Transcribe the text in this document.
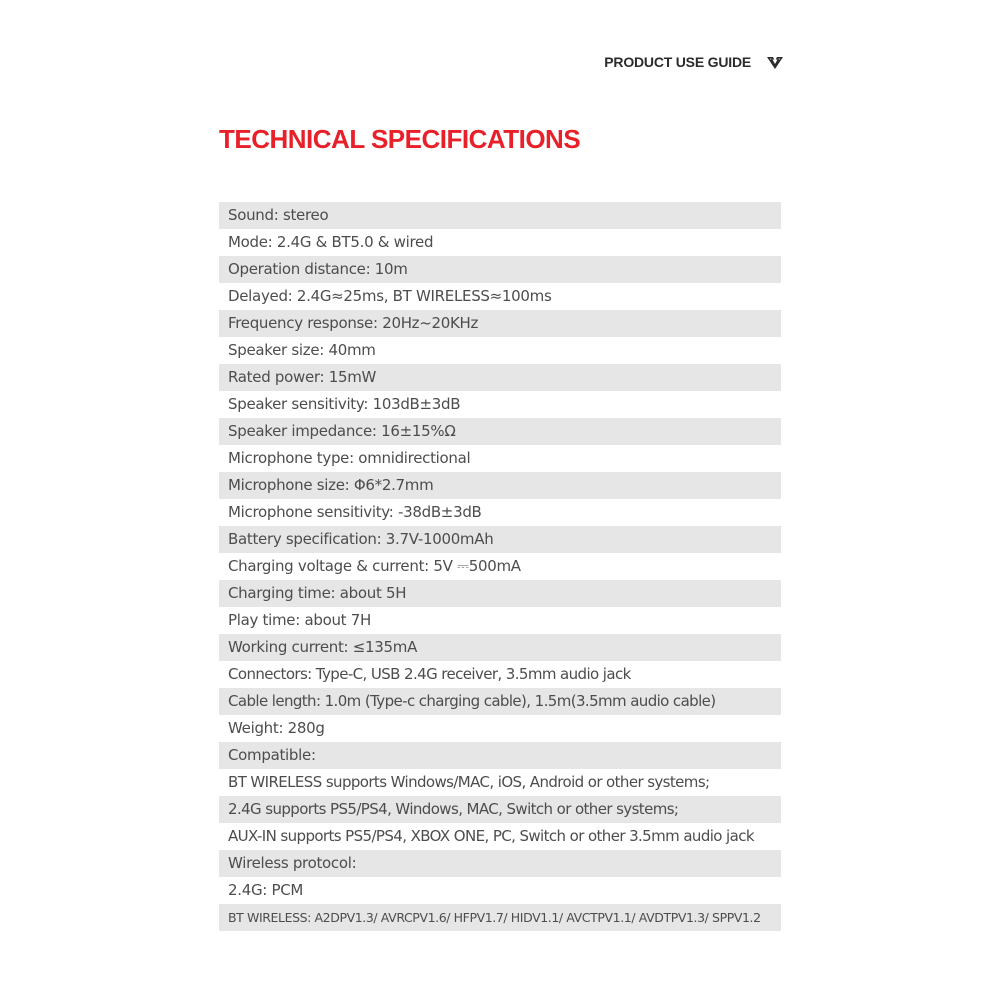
PRODUCT USE GUIDE
TECHNICAL SPECIFICATIONS
Sound: stereo
Mode: 2.4G & BT5.0 & wired
Operation distance: 10m
Delayed: 2.4G≈25ms, BT WIRELESS≈100ms
Frequency response: 20Hz~20KHz
Speaker size: 40mm
Rated power: 15mW
Speaker sensitivity: 103dB±3dB
Speaker impedance: 16±15%Ω
Microphone type: omnidirectional
Microphone size: Φ6*2.7mm
Microphone sensitivity: -38dB±3dB
Battery specification: 3.7V-1000mAh
Charging voltage & current: 5V ⎓500mA
Charging time: about 5H
Play time: about 7H
Working current: ≤135mA
Connectors: Type-C, USB 2.4G receiver, 3.5mm audio jack
Cable length: 1.0m (Type-c charging cable), 1.5m(3.5mm audio cable)
Weight: 280g
Compatible:
BT WIRELESS supports Windows/MAC, iOS, Android or other systems;
2.4G supports PS5/PS4, Windows, MAC, Switch or other systems;
AUX-IN supports PS5/PS4, XBOX ONE, PC, Switch or other 3.5mm audio jack
Wireless protocol:
2.4G: PCM
BT WIRELESS: A2DPV1.3/ AVRCPV1.6/ HFPV1.7/ HIDV1.1/ AVCTPV1.1/ AVDTPV1.3/ SPPV1.2
